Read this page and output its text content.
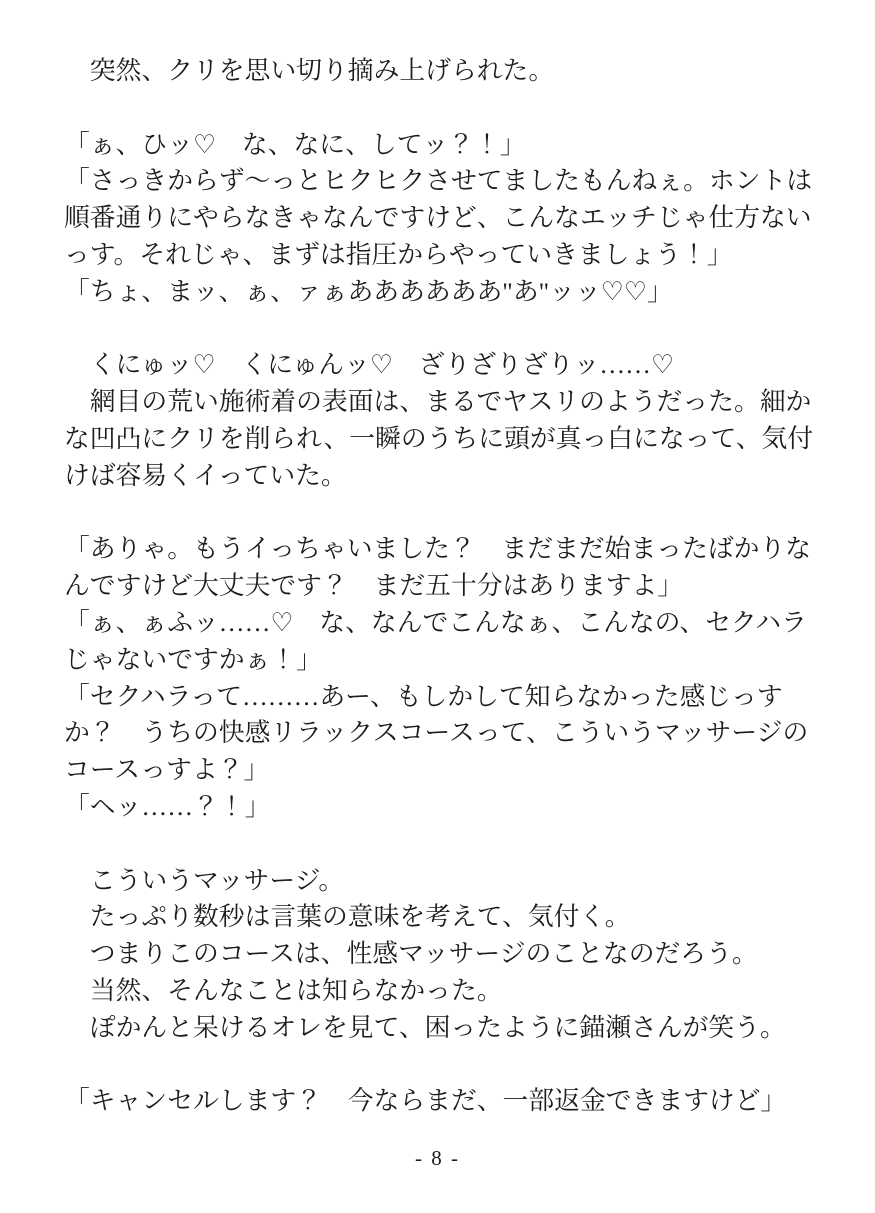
　突然、クリを思い切り摘み上げられた。
「ぁ、ひッ♡　な、なに、してッ？！」
「さっきからず～っとヒクヒクさせてましたもんねぇ。ホントは
順番通りにやらなきゃなんですけど、こんなエッチじゃ仕方ない
っす。それじゃ、まずは指圧からやっていきましょう！」
「ちょ、まッ、ぁ、ァぁああああああ"あ"ッッ♡♡」
　くにゅッ♡　くにゅんッ♡　ざりざりざりッ……♡
　網目の荒い施術着の表面は、まるでヤスリのようだった。細か
な凹凸にクリを削られ、一瞬のうちに頭が真っ白になって、気付
けば容易くイっていた。
「ありゃ。もうイっちゃいました？　まだまだ始まったばかりな
んですけど大丈夫です？　まだ五十分はありますよ」
「ぁ、ぁふッ……♡　な、なんでこんなぁ、こんなの、セクハラ
じゃないですかぁ！」
「セクハラって………あー、もしかして知らなかった感じっす
か？　うちの快感リラックスコースって、こういうマッサージの
コースっすよ？」
「ヘッ……？！」
　こういうマッサージ。
　たっぷり数秒は言葉の意味を考えて、気付く。
　つまりこのコースは、性感マッサージのことなのだろう。
　当然、そんなことは知らなかった。
　ぽかんと呆けるオレを見て、困ったように錨瀬さんが笑う。
「キャンセルします？　今ならまだ、一部返金できますけど」
- 8 -
